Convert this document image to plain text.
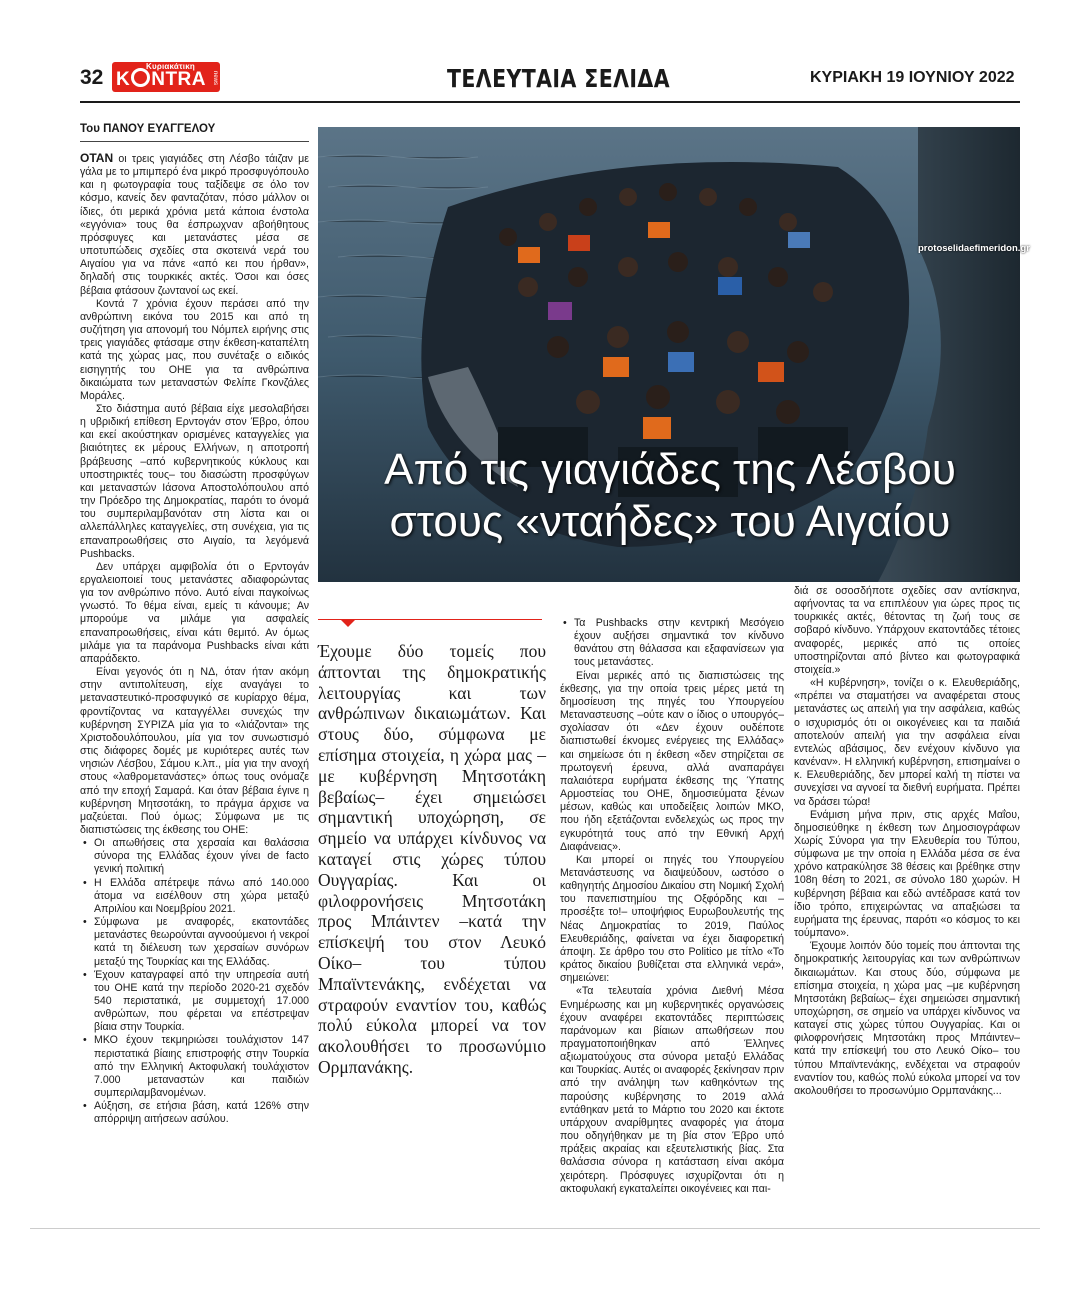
32	Κυριακάτικη
K NTRA news	ΤΕΛΕΥΤΑΙΑ ΣΕΛΙΔΑ	ΚΥΡΙΑΚΗ 19 ΙΟΥΝΙΟΥ 2022
Του ΠΑΝΟΥ ΕΥΑΓΓΕΛΟΥ
protoselidaefimeridon.gr
Από τις γιαγιάδες της Λέσβου
στους «νταήδες» του Αιγαίου

ΟΤΑΝ οι τρεις γιαγιάδες στη Λέσβο τάιζαν με γάλα με το μπιμπερό ένα μικρό προσφυγόπουλο και η φωτογραφία τους ταξίδεψε σε όλο τον κόσμο, κανείς δεν φανταζόταν, πόσο μάλλον οι ίδιες, ότι μερικά χρόνια μετά κάποια ένστολα «εγγόνια» τους θα έσπρωχναν αβοήθητους πρόσφυγες και μετανάστες μέσα σε υποτυπώδεις σχεδίες στα σκοτεινά νερά του Αιγαίου για να πάνε «από κει που ήρθαν», δηλαδή στις τουρκικές ακτές. Όσοι και όσες βέβαια φτάσουν ζωντανοί ως εκεί.

Κοντά 7 χρόνια έχουν περάσει από την ανθρώπινη εικόνα του 2015 και από τη συζήτηση για απονομή του Νόμπελ ειρήνης στις τρεις γιαγιάδες φτάσαμε στην έκθεση-καταπέλτη κατά της χώρας μας, που συνέταξε ο ειδικός εισηγητής του ΟΗΕ για τα ανθρώπινα δικαιώματα των μεταναστών Φελίπε Γκονζάλες Μοράλες.

Στο διάστημα αυτό βέβαια είχε μεσολαβήσει η υβριδική επίθεση Ερντογάν στον Έβρο, όπου και εκεί ακούστηκαν ορισμένες καταγγελίες για βιαιότητες εκ μέρους Ελλήνων, η αποτροπή βράβευσης –από κυβερνητικούς κύκλους και υποστηρικτές τους– του διασώστη προσφύγων και μεταναστών Ιάσονα Αποστολόπουλου από την Πρόεδρο της Δημοκρατίας, παρότι το όνομά του συμπεριλαμβανόταν στη λίστα και οι αλλεπάλληλες καταγγελίες, στη συνέχεια, για τις επαναπροωθήσεις στο Αιγαίο, τα λεγόμενά Pushbacks.

Δεν υπάρχει αμφιβολία ότι ο Ερντογάν εργαλειοποιεί τους μετανάστες αδιαφορώντας για τον ανθρώπινο πόνο. Αυτό είναι παγκοίνως γνωστό. Το θέμα είναι, εμείς τι κάνουμε; Αν μπορούμε να μιλάμε για ασφαλείς επαναπροωθήσεις, είναι κάτι θεμιτό. Αν όμως μιλάμε για τα παράνομα Pushbacks είναι κάτι απαράδεκτο.

Είναι γεγονός ότι η ΝΔ, όταν ήταν ακόμη στην αντιπολίτευση, είχε αναγάγει το μεταναστευτικό-προσφυγικό σε κυρίαρχο θέμα, φροντίζοντας να καταγγέλλει συνεχώς την κυβέρνηση ΣΥΡΙΖΑ μία για το «λιάζονται» της Χριστοδουλόπουλου, μία για τον συνωστισμό στις διάφορες δομές με κυριότερες αυτές των νησιών Λέσβου, Σάμου κ.λπ., μία για την ανοχή στους «λαθρομετανάστες» όπως τους ονόμαζε από την εποχή Σαμαρά. Και όταν βέβαια έγινε η κυβέρνηση Μητσοτάκη, το πράγμα άρχισε να μαζεύεται. Πού όμως; Σύμφωνα με τις διαπιστώσεις της έκθεσης του ΟΗΕ:

• Οι απωθήσεις στα χερσαία και θαλάσσια σύνορα της Ελλάδας έχουν γίνει de facto γενική πολιτική
• Η Ελλάδα απέτρεψε πάνω από 140.000 άτομα να εισέλθουν στη χώρα μεταξύ Απριλίου και Νοεμβρίου 2021.
• Σύμφωνα με αναφορές, εκατοντάδες μετανάστες θεωρούνται αγνοούμενοι ή νεκροί κατά τη διέλευση των χερσαίων συνόρων μεταξύ της Τουρκίας και της Ελλάδας.
• Έχουν καταγραφεί από την υπηρεσία αυτή του ΟΗΕ κατά την περίοδο 2020-21 σχεδόν 540 περιστατικά, με συμμετοχή 17.000 ανθρώπων, που φέρεται να επέστρεψαν βίαια στην Τουρκία.
• ΜΚΟ έχουν τεκμηριώσει τουλάχιστον 147 περιστατικά βίαιης επιστροφής στην Τουρκία από την Ελληνική Ακτοφυλακή τουλάχιστον 7.000 μεταναστών και παιδιών συμπεριλαμβανομένων.
• Αύξηση, σε ετήσια βάση, κατά 126% στην απόρριψη αιτήσεων ασύλου.
Έχουμε δύο τομείς που άπτονται της δημοκρατικής λειτουργίας και των ανθρώπινων δικαιωμάτων. Και στους δύο, σύμφωνα με επίσημα στοιχεία, η χώρα μας –με κυβέρνηση Μητσοτάκη βεβαίως– έχει σημειώσει σημαντική υποχώρηση, σε σημείο να υπάρχει κίνδυνος να καταγεί στις χώρες τύπου Ουγγαρίας. Και οι φιλοφρονήσεις Μητσοτάκη προς Μπάιντεν –κατά την επίσκεψή του στον Λευκό Οίκο– του τύπου Μπαϊντενάκης, ενδέχεται να στραφούν εναντίον του, καθώς πολύ εύκολα μπορεί να τον ακολουθήσει το προσωνύμιο Ορμπανάκης.
• Τα Pushbacks στην κεντρική Μεσόγειο έχουν αυξήσει σημαντικά τον κίνδυνο θανάτου στη θάλασσα και εξαφανίσεων για τους μετανάστες.

Είναι μερικές από τις διαπιστώσεις της έκθεσης, για την οποία τρεις μέρες μετά τη δημοσίευση της πηγές του Υπουργείου Μεταναστευσης –ούτε καν ο ίδιος ο υπουργός– σχολίασαν ότι «Δεν έχουν ουδέποτε διαπιστωθεί έκνομες ενέργειες της Ελλάδας» και σημείωσε ότι η έκθεση «δεν στηρίζεται σε πρωτογενή έρευνα, αλλά αναπαράγει παλαιότερα ευρήματα έκθεσης της Ύπατης Αρμοστείας του ΟΗΕ, δημοσιεύματα ξένων μέσων, καθώς και υποδείξεις λοιπών ΜΚΟ, που ήδη εξετάζονται ενδελεχώς ως προς την εγκυρότητά τους από την Εθνική Αρχή Διαφάνειας».

Και μπορεί οι πηγές του Υπουργείου Μετανάστευσης να διαψεύδουν, ωστόσο ο καθηγητής Δημοσίου Δικαίου στη Νομική Σχολή του πανεπιστημίου της Οξφόρδης και –προσέξτε το!– υποψήφιος Ευρωβουλευτής της Νέας Δημοκρατίας το 2019, Παύλος Ελευθεριάδης, φαίνεται να έχει διαφορετική άποψη. Σε άρθρο του στο Politico με τίτλο «Το κράτος δικαίου βυθίζεται στα ελληνικά νερά», σημειώνει:

«Τα τελευταία χρόνια Διεθνή Μέσα Ενημέρωσης και μη κυβερνητικές οργανώσεις έχουν αναφέρει εκατοντάδες περιπτώσεις παράνομων και βίαιων απωθήσεων που πραγματοποιήθηκαν από Έλληνες αξιωματούχους στα σύνορα μεταξύ Ελλάδας και Τουρκίας. Αυτές οι αναφορές ξεκίνησαν πριν από την ανάληψη των καθηκόντων της παρούσης κυβέρνησης το 2019 αλλά εντάθηκαν μετά το Μάρτιο του 2020 και έκτοτε υπάρχουν αναρίθμητες αναφορές για άτομα που οδηγήθηκαν με τη βία στον Έβρο υπό πράξεις ακραίας και εξευτελιστικής βίας. Στα θαλάσσια σύνορα η κατάσταση είναι ακόμα χειρότερη. Πρόσφυγες ισχυρίζονται ότι η ακτοφυλακή εγκαταλείπει οικογένειες και παι-

διά σε οσοσδήποτε σχεδίες σαν αντίσκηνα, αφήνοντας τα να επιπλέουν για ώρες προς τις τουρκικές ακτές, θέτοντας τη ζωή τους σε σοβαρό κίνδυνο. Υπάρχουν εκατοντάδες τέτοιες αναφορές, μερικές από τις οποίες υποστηρίζονται από βίντεο και φωτογραφικά στοιχεία.»

«Η κυβέρνηση», τονίζει ο κ. Ελευθεριάδης, «πρέπει να σταματήσει να αναφέρεται στους μετανάστες ως απειλή για την ασφάλεια, καθώς ο ισχυρισμός ότι οι οικογένειες και τα παιδιά αποτελούν απειλή για την ασφάλεια είναι εντελώς αβάσιμος, δεν ενέχουν κίνδυνο για κανέναν». Η ελληνική κυβέρνηση, επισημαίνει ο κ. Ελευθεριάδης, δεν μπορεί καλή τη πίστει να συνεχίσει να αγνοεί τα διεθνή ευρήματα. Πρέπει να δράσει τώρα!

Ενάμιση μήνα πριν, στις αρχές Μαΐου, δημοσιεύθηκε η έκθεση των Δημοσιογράφων Χωρίς Σύνορα για την Ελευθερία του Τύπου, σύμφωνα με την οποία η Ελλάδα μέσα σε ένα χρόνο κατρακύλησε 38 θέσεις και βρέθηκε στην 108η θέση το 2021, σε σύνολο 180 χωρών. Η κυβέρνηση βέβαια και εδώ αντέδρασε κατά τον ίδιο τρόπο, επιχειρώντας να απαξιώσει τα ευρήματα της έρευνας, παρότι «ο κόσμος το κει τούμπανο».

Έχουμε λοιπόν δύο τομείς που άπτονται της δημοκρατικής λειτουργίας και των ανθρώπινων δικαιωμάτων. Και στους δύο, σύμφωνα με επίσημα στοιχεία, η χώρα μας –με κυβέρνηση Μητσοτάκη βεβαίως– έχει σημειώσει σημαντική υποχώρηση, σε σημείο να υπάρχει κίνδυνος να καταγεί στις χώρες τύπου Ουγγαρίας. Και οι φιλοφρονήσεις Μητσοτάκη προς Μπάιντεν– κατά την επίσκεψή του στο Λευκό Οίκο– του τύπου Μπαϊντενάκης, ενδέχεται να στραφούν εναντίον του, καθώς πολύ εύκολα μπορεί να τον ακολουθήσει το προσωνύμιο Ορμπανάκης...
